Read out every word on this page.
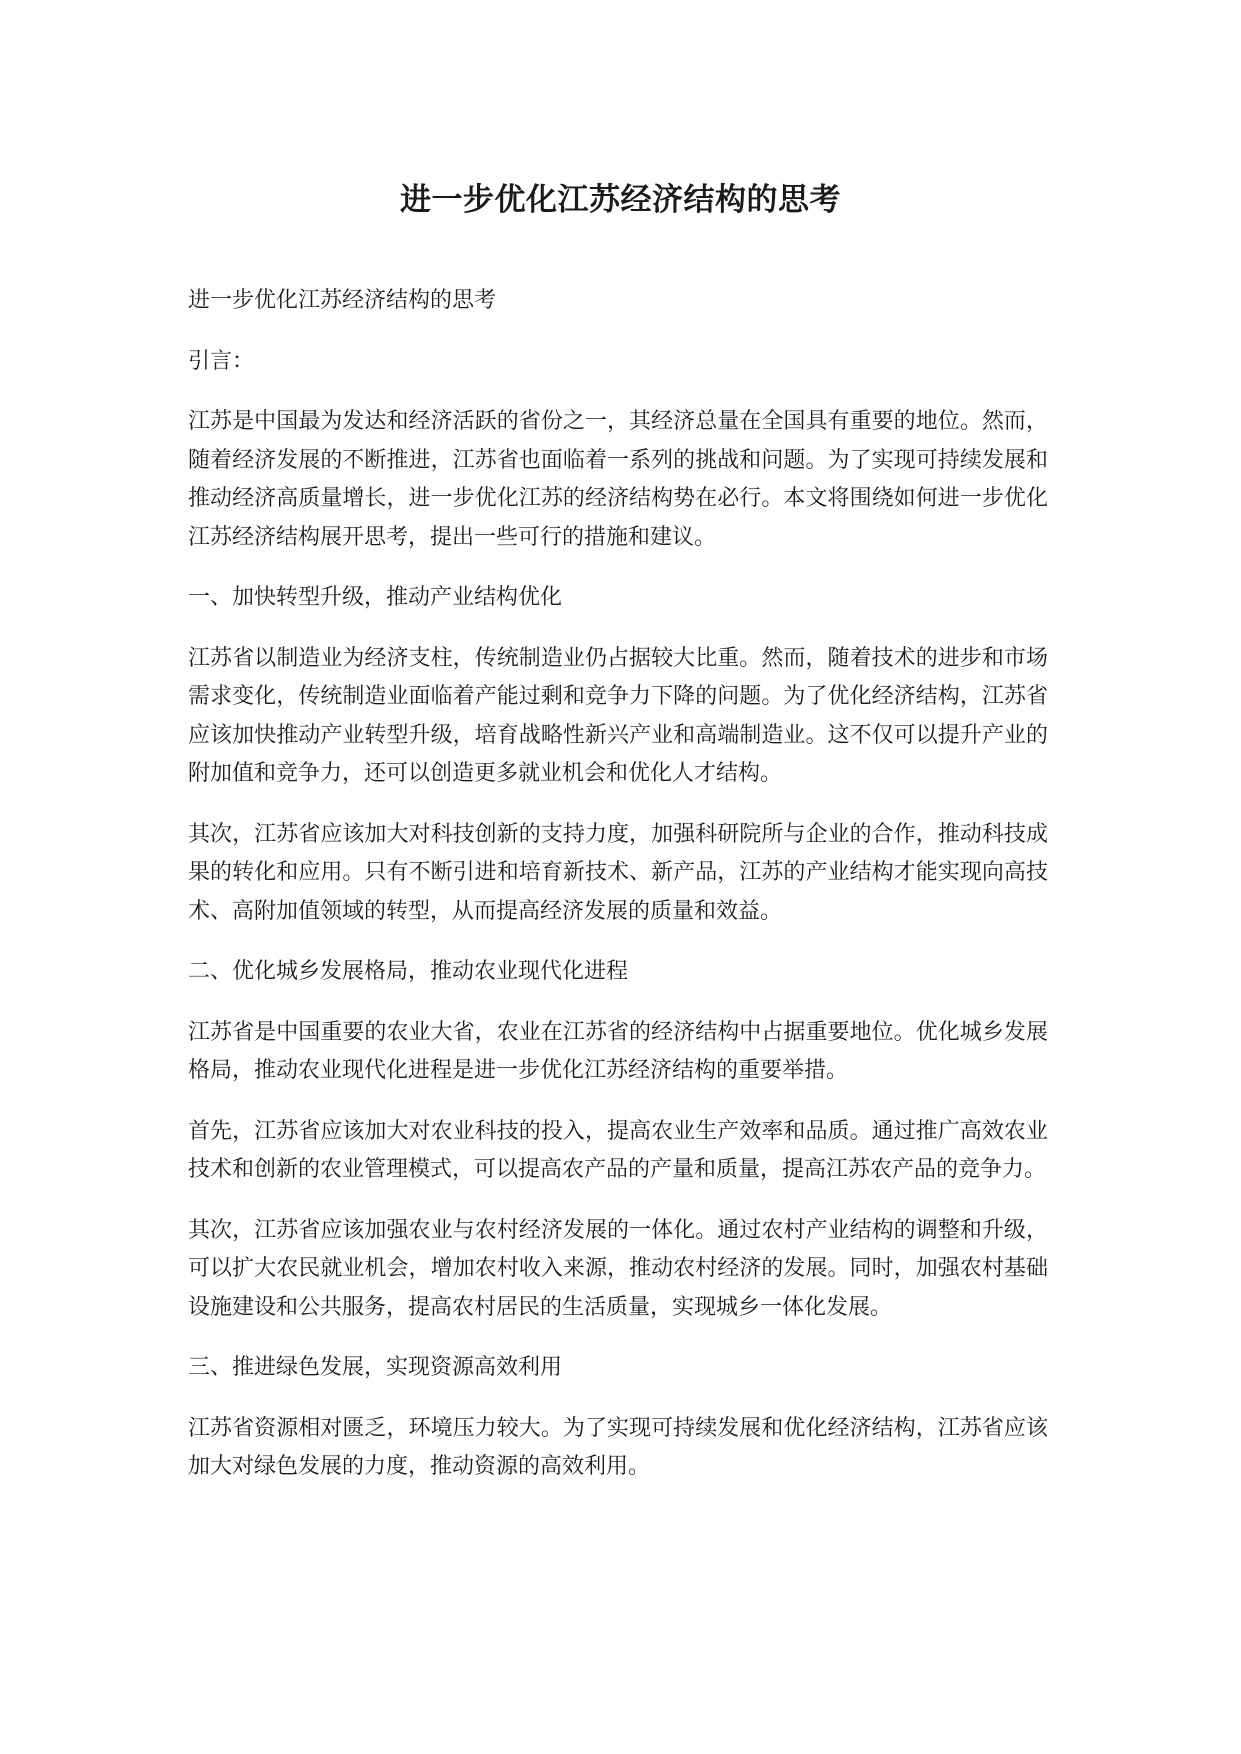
进一步优化江苏经济结构的思考

进一步优化江苏经济结构的思考

引言：

江苏是中国最为发达和经济活跃的省份之一，其经济总量在全国具有重要的地位。然而，随着经济发展的不断推进，江苏省也面临着一系列的挑战和问题。为了实现可持续发展和推动经济高质量增长，进一步优化江苏的经济结构势在必行。本文将围绕如何进一步优化江苏经济结构展开思考，提出一些可行的措施和建议。

一、加快转型升级，推动产业结构优化

江苏省以制造业为经济支柱，传统制造业仍占据较大比重。然而，随着技术的进步和市场需求变化，传统制造业面临着产能过剩和竞争力下降的问题。为了优化经济结构，江苏省应该加快推动产业转型升级，培育战略性新兴产业和高端制造业。这不仅可以提升产业的附加值和竞争力，还可以创造更多就业机会和优化人才结构。

其次，江苏省应该加大对科技创新的支持力度，加强科研院所与企业的合作，推动科技成果的转化和应用。只有不断引进和培育新技术、新产品，江苏的产业结构才能实现向高技术、高附加值领域的转型，从而提高经济发展的质量和效益。

二、优化城乡发展格局，推动农业现代化进程

江苏省是中国重要的农业大省，农业在江苏省的经济结构中占据重要地位。优化城乡发展格局，推动农业现代化进程是进一步优化江苏经济结构的重要举措。

首先，江苏省应该加大对农业科技的投入，提高农业生产效率和品质。通过推广高效农业技术和创新的农业管理模式，可以提高农产品的产量和质量，提高江苏农产品的竞争力。

其次，江苏省应该加强农业与农村经济发展的一体化。通过农村产业结构的调整和升级，可以扩大农民就业机会，增加农村收入来源，推动农村经济的发展。同时，加强农村基础设施建设和公共服务，提高农村居民的生活质量，实现城乡一体化发展。

三、推进绿色发展，实现资源高效利用

江苏省资源相对匮乏，环境压力较大。为了实现可持续发展和优化经济结构，江苏省应该加大对绿色发展的力度，推动资源的高效利用。
